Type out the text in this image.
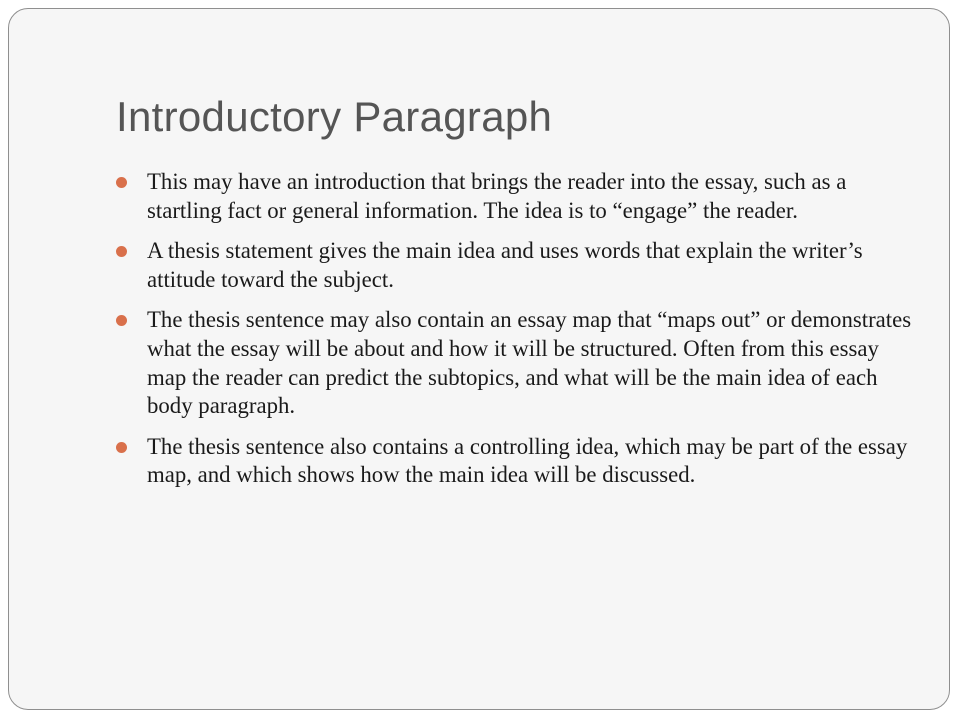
Introductory Paragraph
This may have an introduction that brings the reader into the essay, such as a startling fact or general information. The idea is to “engage” the reader.
A thesis statement gives the main idea and uses words that explain the writer’s attitude toward the subject.
The thesis sentence may also contain an essay map that “maps out” or demonstrates what the essay will be about and how it will be structured. Often from this essay map the reader can predict the subtopics, and what will be the main idea of each body paragraph.
The thesis sentence also contains a controlling idea, which may be part of the essay map, and which shows how the main idea will be discussed.
